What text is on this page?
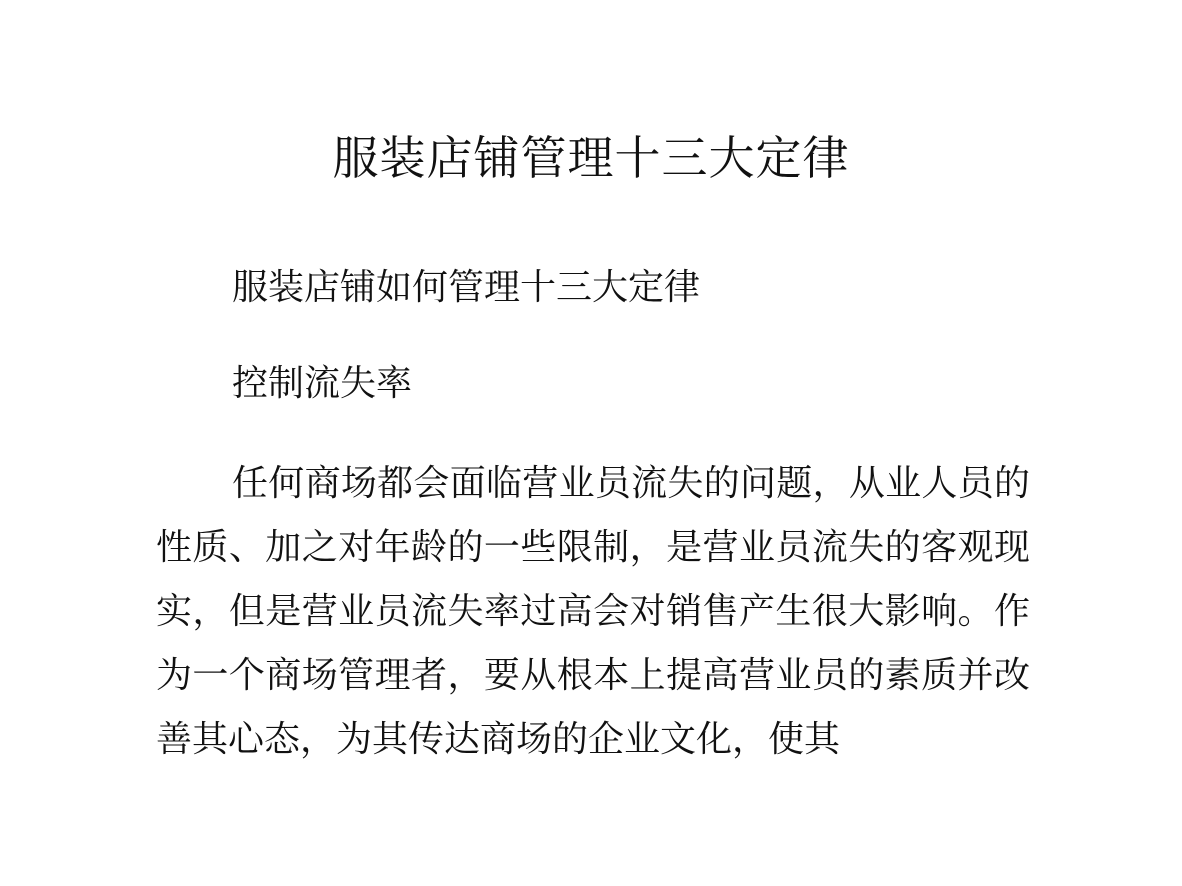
服装店铺管理十三大定律

服装店铺如何管理十三大定律

控制流失率

任何商场都会面临营业员流失的问题，从业人员的性质、加之对年龄的一些限制，是营业员流失的客观现实，但是营业员流失率过高会对销售产生很大影响。作为一个商场管理者，要从根本上提高营业员的素质并改善其心态，为其传达商场的企业文化，使其
